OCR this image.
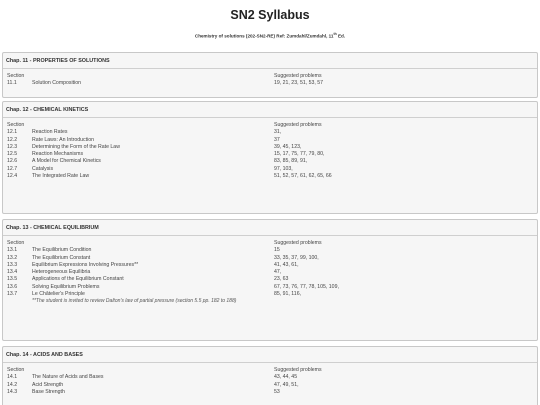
SN2 Syllabus
Chemistry of solutions (202-SN2-RE) Ref: Zumdahl/Zumdahl, 11th Ed.
Chap. 11 - PROPERTIES OF SOLUTIONS
Section	Suggested problems
11.1	Solution Composition	19, 21, 23, 51, 53, 57
Chap. 12 - CHEMICAL KINETICS
Section	Suggested problems
12.1	Reaction Rates	31,
12.2	Rate Laws: An Introduction	37
12.3	Determining the Form of the Rate Law	39, 45, 123,
12.5	Reaction Mechanisms	15, 17, 75, 77, 79, 80,
12.6	A Model for Chemical Kinetics	83, 85, 89, 91,
12.7	Catalysis	97, 103,
12.4	The Integrated Rate Law	51, 52, 57, 61, 62, 65, 66
Chap. 13 - CHEMICAL EQUILIBRIUM
Section	Suggested problems
13.1	The Equilibrium Condition	15
13.2	The Equilibrium Constant	33, 35, 37, 99, 100,
13.3	Equilibrium Expressions Involving Pressures**	41, 43, 61,
13.4	Heterogeneous Equilibria	47,
13.5	Applications of the Equilibrium Constant	23, 63
13.6	Solving Equilibrium Problems	67, 73, 76, 77, 78, 105, 109,
13.7	Le Châtelier's Principle	85, 91, 116,
**The student is invited to review Dalton's law of partial pressure (section 5.5 pp. 182 to 188)
Chap. 14 - ACIDS AND BASES
Section	Suggested problems
14.1	The Nature of Acids and Bases	43, 44, 45
14.2	Acid Strength	47, 49, 51,
14.3	Base Strength	53
